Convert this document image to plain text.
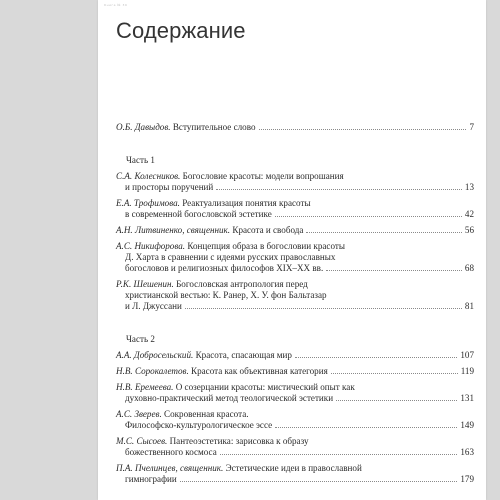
Книга № 39
Содержание
О.Б. Давыдов. Вступительное слово	7
Часть 1
С.А. Колесников. Богословие красоты: модели вопрошания
и просторы поручений	13
Е.А. Трофимова. Реактуализация понятия красоты
в современной богословской эстетике	42
А.Н. Литвиненко, священник. Красота и свобода	56
А.С. Никифорова. Концепция образа в богословии красоты
Д. Харта в сравнении с идеями русских православных
богословов и религиозных философов XIX–XX вв.	68
Р.К. Шешенин. Богословская антропология перед
христианской вестью: К. Ранер, Х. У. фон Бальтазар
и Л. Джуссани	81
Часть 2
А.А. Добросельский. Красота, спасающая мир	107
Н.В. Сорокалетов. Красота как объективная категория	119
Н.В. Еремеева. О созерцании красоты: мистический опыт как
духовно-практический метод теологической эстетики	131
А.С. Зверев. Сокровенная красота.
Философско-культурологическое эссе	149
М.С. Сысоев. Пантеоэстетика: зарисовка к образу
божественного космоса	163
П.А. Пчелинцев, священник. Эстетические идеи в православной
гимнографии	179
